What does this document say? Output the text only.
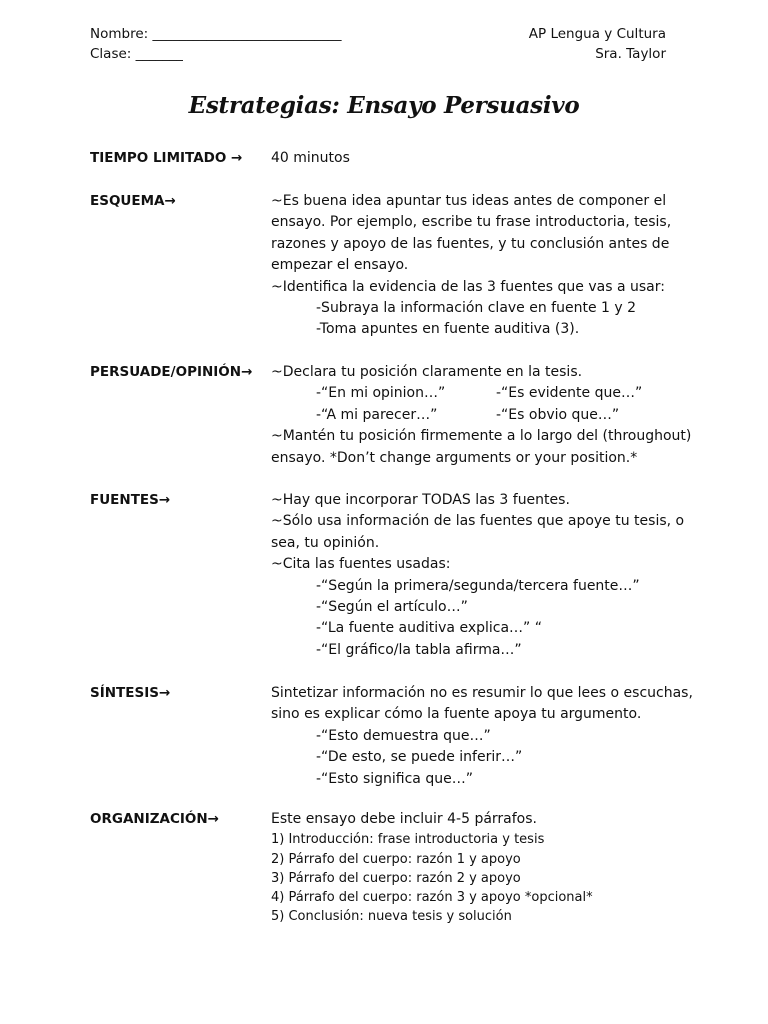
Nombre: ____________________________
Clase: _______
AP Lengua y Cultura
Sra. Taylor
Estrategias: Ensayo Persuasivo
TIEMPO LIMITADO → 40 minutos
ESQUEMA→	~Es buena idea apuntar tus ideas antes de componer el
ensayo. Por ejemplo, escribe tu frase introductoria, tesis,
razones y apoyo de las fuentes, y tu conclusión antes de
empezar el ensayo.
~Identifica la evidencia de las 3 fuentes que vas a usar:
-Subraya la información clave en fuente 1 y 2
-Toma apuntes en fuente auditiva (3).
PERSUADE/OPINIÓN→ ~Declara tu posición claramente en la tesis.
-“En mi opinion…”	-“Es evidente que…”
-“A mi parecer…”	-“Es obvio que…”
~Mantén tu posición firmemente a lo largo del (throughout)
ensayo. *Don’t change arguments or your position.*
FUENTES→	~Hay que incorporar TODAS las 3 fuentes.
~Sólo usa información de las fuentes que apoye tu tesis, o
sea, tu opinión.
~Cita las fuentes usadas:
-“Según la primera/segunda/tercera fuente…”
-“Según el artículo…”
-“La fuente auditiva explica…” “
-“El gráfico/la tabla afirma…”
SÍNTESIS→	Sintetizar información no es resumir lo que lees o escuchas,
sino es explicar cómo la fuente apoya tu argumento.
-“Esto demuestra que…”
-“De esto, se puede inferir…”
-“Esto significa que…”
ORGANIZACIÓN→	Este ensayo debe incluir 4-5 párrafos.
1) Introducción: frase introductoria y tesis
2) Párrafo del cuerpo: razón 1 y apoyo
3) Párrafo del cuerpo: razón 2 y apoyo
4) Párrafo del cuerpo: razón 3 y apoyo *opcional*
5) Conclusión: nueva tesis y solución
